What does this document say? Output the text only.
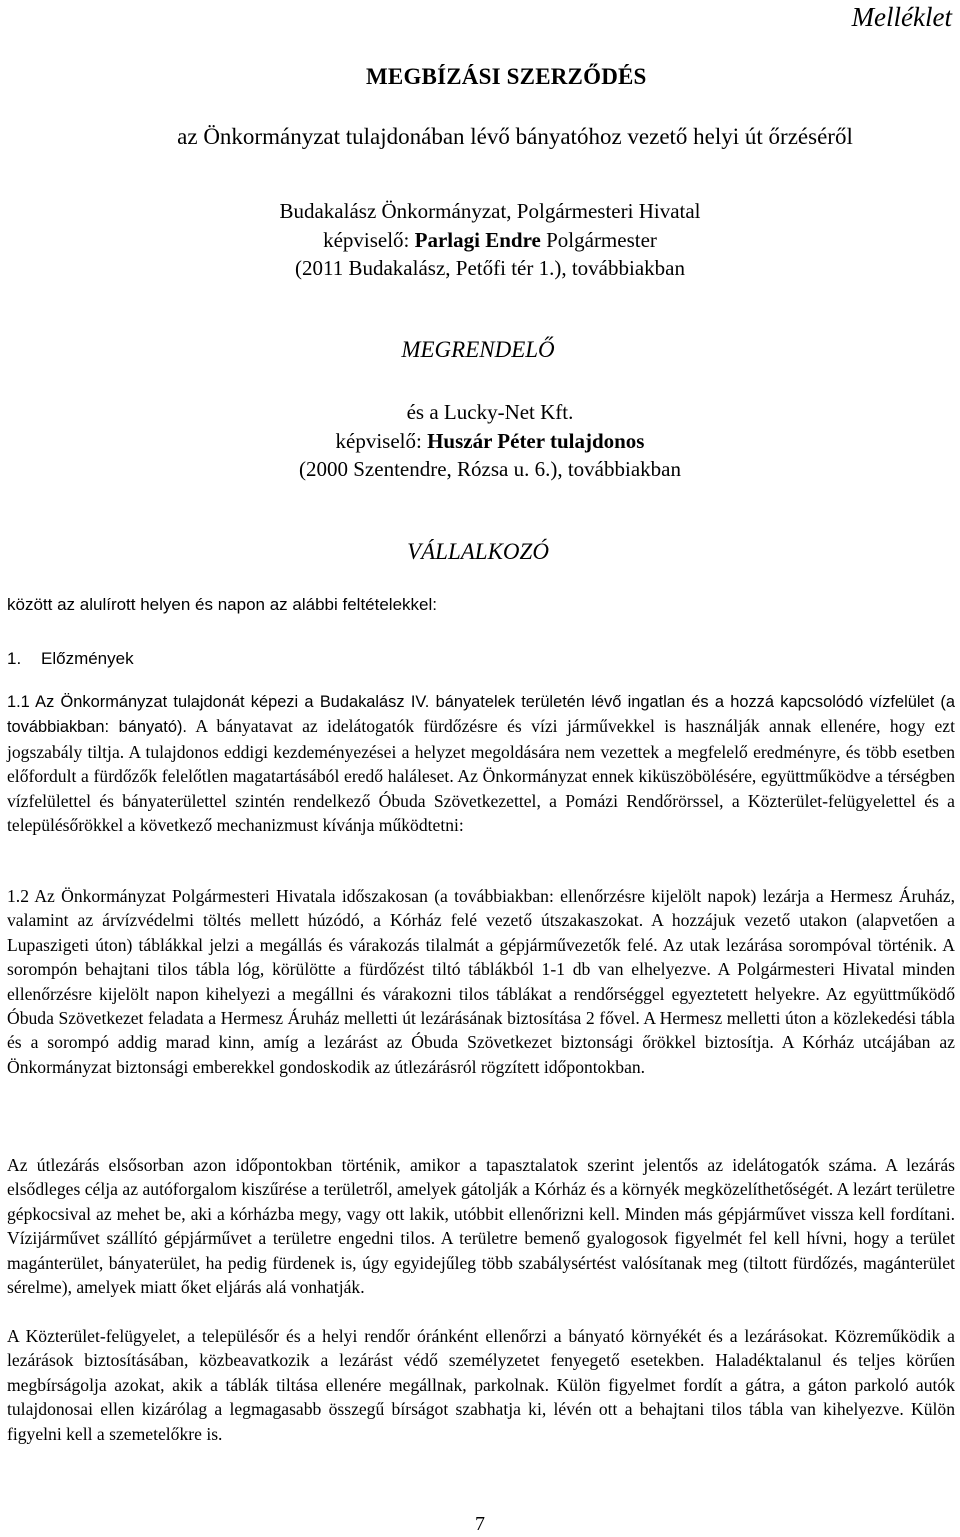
Melléklet
MEGBÍZÁSI SZERZŐDÉS
az Önkormányzat tulajdonában lévő bányatóhoz vezető helyi út őrzéséről
Budakalász Önkormányzat, Polgármesteri Hivatal
képviselő: Parlagi Endre Polgármester
(2011 Budakalász, Petőfi tér 1.), továbbiakban
MEGRENDELŐ
és a Lucky-Net Kft.
képviselő: Huszár Péter tulajdonos
(2000 Szentendre, Rózsa u. 6.), továbbiakban
VÁLLALKOZÓ
között az alulírott helyen és napon az alábbi feltételekkel:
1. Előzmények

1.1 Az Önkormányzat tulajdonát képezi a Budakalász IV. bányatelek területén lévő ingatlan és a hozzá kapcsolódó vízfelület (a továbbiakban: bányató). A bányatavat az idelátogatók fürdőzésre és vízi járművekkel is használják annak ellenére, hogy ezt jogszabály tiltja. A tulajdonos eddigi kezdeményezései a helyzet megoldására nem vezettek a megfelelő eredményre, és több esetben előfordult a fürdőzők felelőtlen magatartásából eredő haláleset. Az Önkormányzat ennek kiküszöbölésére, együttműködve a térségben vízfelülettel és bányaterülettel szintén rendelkező Óbuda Szövetkezettel, a Pomázi Rendőrörssel, a Közterület-felügyelettel és a településőrökkel a következő mechanizmust kívánja működtetni:

1.2 Az Önkormányzat Polgármesteri Hivatala időszakosan (a továbbiakban: ellenőrzésre kijelölt napok) lezárja a Hermesz Áruház, valamint az árvízvédelmi töltés mellett húzódó, a Kórház felé vezető útszakaszokat. A hozzájuk vezető utakon (alapvetően a Lupaszigeti úton) táblákkal jelzi a megállás és várakozás tilalmát a gépjárművezetők felé. Az utak lezárása sorompóval történik. A sorompón behajtani tilos tábla lóg, körülötte a fürdőzést tiltó táblákból 1-1 db van elhelyezve. A Polgármesteri Hivatal minden ellenőrzésre kijelölt napon kihelyezi a megállni és várakozni tilos táblákat a rendőrséggel egyeztetett helyekre. Az együttműködő Óbuda Szövetkezet feladata a Hermesz Áruház melletti út lezárásának biztosítása 2 fővel. A Hermesz melletti úton a közlekedési tábla és a sorompó addig marad kinn, amíg a lezárást az Óbuda Szövetkezet biztonsági őrökkel biztosítja. A Kórház utcájában az Önkormányzat biztonsági emberekkel gondoskodik az útlezárásról rögzített időpontokban.

Az útlezárás elsősorban azon időpontokban történik, amikor a tapasztalatok szerint jelentős az idelátogatók száma. A lezárás elsődleges célja az autóforgalom kiszűrése a területről, amelyek gátolják a Kórház és a környék megközelíthetőségét. A lezárt területre gépkocsival az mehet be, aki a kórházba megy, vagy ott lakik, utóbbit ellenőrizni kell. Minden más gépjárművet vissza kell fordítani. Vízijárművet szállító gépjárművet a területre engedni tilos. A területre bemenő gyalogosok figyelmét fel kell hívni, hogy a terület magánterület, bányaterület, ha pedig fürdenek is, úgy egyidejűleg több szabálysértést valósítanak meg (tiltott fürdőzés, magánterület sérelme), amelyek miatt őket eljárás alá vonhatják.

A Közterület-felügyelet, a településőr és a helyi rendőr óránként ellenőrzi a bányató környékét és a lezárásokat. Közreműködik a lezárások biztosításában, közbeavatkozik a lezárást védő személyzetet fenyegető esetekben. Haladéktalanul és teljes körűen megbírságolja azokat, akik a táblák tiltása ellenére megállnak, parkolnak. Külön figyelmet fordít a gátra, a gáton parkoló autók tulajdonosai ellen kizárólag a legmagasabb összegű bírságot szabhatja ki, lévén ott a behajtani tilos tábla van kihelyezve. Külön figyelni kell a szemetelőkre is.

7
